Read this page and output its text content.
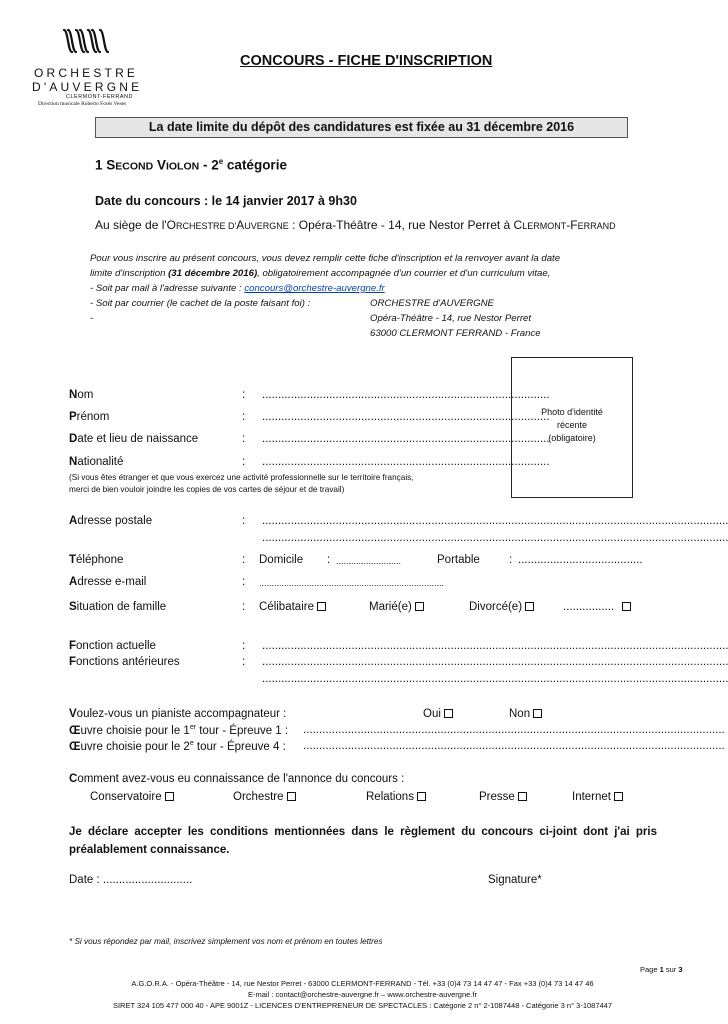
ORCHESTRE
D'AUVERGNE
CLERMONT-FERRAND
Direction musicale Roberto Forés Veses
CONCOURS - FICHE D'INSCRIPTION
La date limite du dépôt des candidatures est fixée au 31 décembre 2016
1 SECOND VIOLON - 2e catégorie
Date du concours : le 14 janvier 2017 à 9h30
Au siège de l'ORCHESTRE D'AUVERGNE : Opéra-Théâtre - 14, rue Nestor Perret à CLERMONT-FERRAND
Pour vous inscrire au présent concours, vous devez remplir cette fiche d'inscription et la renvoyer avant la date
limite d'inscription (31 décembre 2016), obligatoirement accompagnée d'un courrier et d'un curriculum vitae,
- Soit par mail à l'adresse suivante : concours@orchestre-auvergne.fr
- Soit par courrier (le cachet de la poste faisant foi) :
-
ORCHESTRE d'AUVERGNE
Opéra-Théâtre - 14, rue Nestor Perret
63000 CLERMONT FERRAND - France
Photo d'identité
récente
(obligatoire)
Nom	: ..........................................................................................
Prénom	: ..........................................................................................
Date et lieu de naissance	: ..........................................................................................
Nationalité	: ..........................................................................................
(Si vous êtes étranger et que vous exercez une activité professionnelle sur le territoire français,
merci de bien vouloir joindre les copies de vos cartes de séjour et de travail)
Adresse postale	: ..................................................................................................................................................
..................................................................................................................................................
Téléphone	: Domicile : ..........................	Portable	: .......................................
Adresse e-mail	: ..........................................................................
Situation de famille	: Célibataire	Marié(e)	Divorcé(e)	................
Fonction actuelle	: ..................................................................................................................................................
Fonctions antérieures	: ..................................................................................................................................................
..................................................................................................................................................
Voulez-vous un pianiste accompagnateur :	Oui	Non
Œuvre choisie pour le 1er tour - Épreuve 1 : ....................................................................................................................................
Œuvre choisie pour le 2e tour - Épreuve 4 : ....................................................................................................................................
Comment avez-vous eu connaissance de l'annonce du concours :
Conservatoire	Orchestre	Relations	Presse	Internet
Je déclare accepter les conditions mentionnées dans le règlement du concours ci-joint dont j'ai pris préalablement connaissance.
Date : ............................	Signature*
* Si vous répondez par mail, inscrivez simplement vos nom et prénom en toutes lettres
Page 1 sur 3
A.G.O.R.A. - Opéra-Théâtre - 14, rue Nestor Perret - 63000 CLERMONT-FERRAND - Tél. +33 (0)4 73 14 47 47 - Fax +33 (0)4 73 14 47 46
E-mail : contact@orchestre-auvergne.fr – www.orchestre-auvergne.fr
SIRET 324 105 477 000 40 - APE 9001Z - LICENCES D'ENTREPRENEUR DE SPECTACLES : Catégorie 2 n° 2-1087448 - Catégorie 3 n° 3-1087447
